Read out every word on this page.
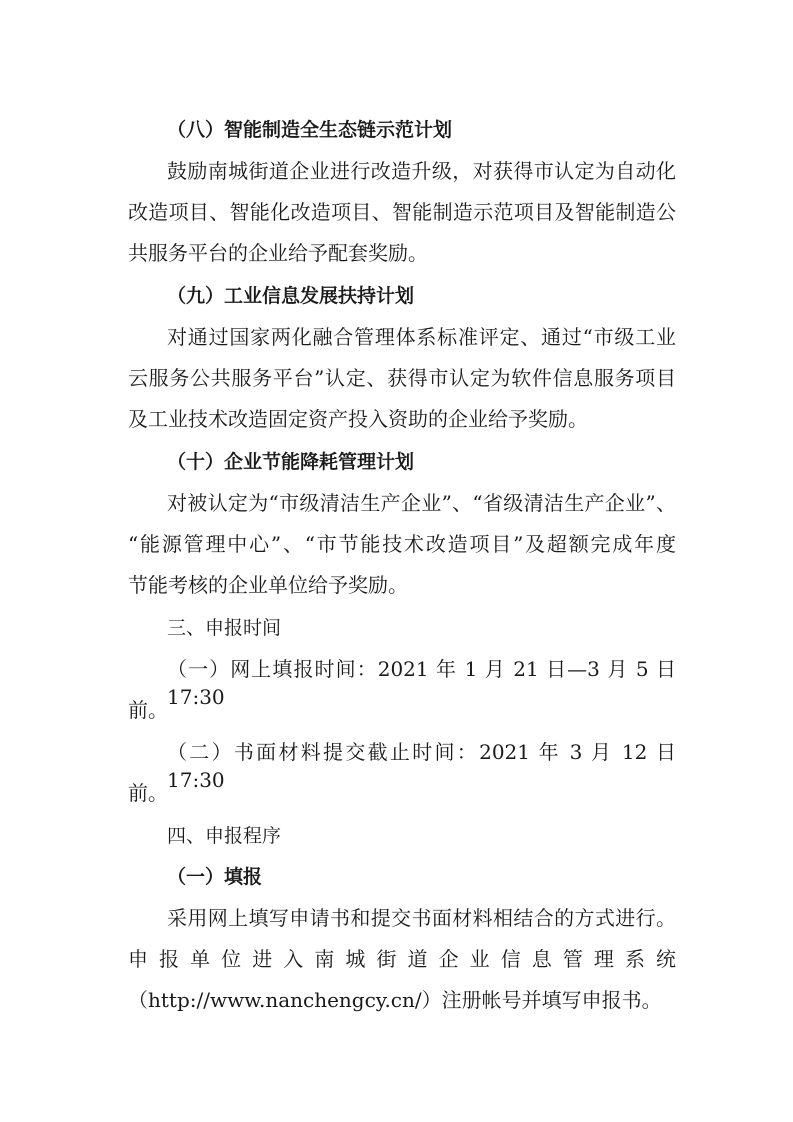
（八）智能制造全生态链示范计划
鼓励南城街道企业进行改造升级，对获得市认定为自动化
改造项目、智能化改造项目、智能制造示范项目及智能制造公
共服务平台的企业给予配套奖励。
（九）工业信息发展扶持计划
对通过国家两化融合管理体系标准评定、通过“市级工业
云服务公共服务平台”认定、获得市认定为软件信息服务项目
及工业技术改造固定资产投入资助的企业给予奖励。
（十）企业节能降耗管理计划
对被认定为“市级清洁生产企业”、“省级清洁生产企业”、
“能源管理中心”、“市节能技术改造项目”及超额完成年度
节能考核的企业单位给予奖励。
三、申报时间
（一）网上填报时间：2021 年 1 月 21 日—3 月 5 日 17:30
前。
（二）书面材料提交截止时间：2021 年 3 月 12 日 17:30
前。
四、申报程序
（一）填报
采用网上填写申请书和提交书面材料相结合的方式进行。
申报单位进入南城街道企业信息管理系统
（http://www.nanchengcy.cn/）注册帐号并填写申报书。
